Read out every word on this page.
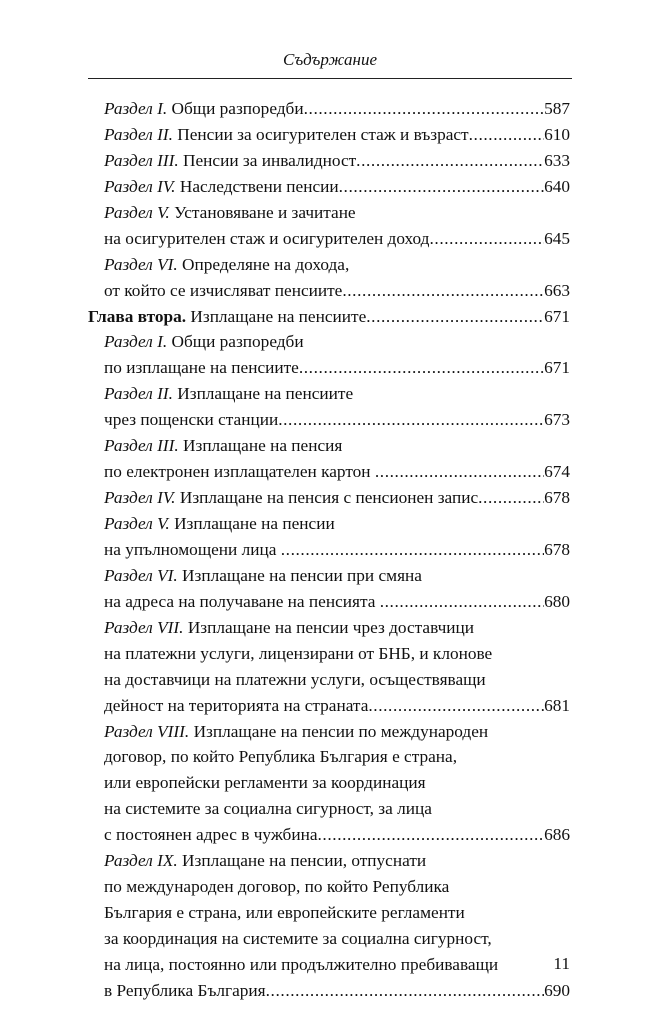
Съдържание
Раздел I. Общи разпоредби .....	587
Раздел II. Пенсии за осигурителен стаж и възраст .....	610
Раздел III. Пенсии за инвалидност .....	633
Раздел IV. Наследствени пенсии .....	640
Раздел V. Установяване и зачитане
на осигурителен стаж и осигурителен доход .....	645
Раздел VI. Определяне на дохода,
от който се изчисляват пенсиите .....	663
Глава втора. Изплащане на пенсиите .....	671
Раздел I. Общи разпоредби
по изплащане на пенсиите .....	671
Раздел II. Изплащане на пенсиите
чрез пощенски станции .....	673
Раздел III. Изплащане на пенсия
по електронен изплащателен картон .....	674
Раздел IV. Изплащане на пенсия с пенсионен запис .....	678
Раздел V. Изплащане на пенсии
на упълномощени лица .....	678
Раздел VI. Изплащане на пенсии при смяна
на адреса на получаване на пенсията .....	680
Раздел VII. Изплащане на пенсии чрез доставчици
на платежни услуги, лицензирани от БНБ, и клонове
на доставчици на платежни услуги, осъществяващи
дейност на територията на страната .....	681
Раздел VIII. Изплащане на пенсии по международен
договор, по който Република България е страна,
или европейски регламенти за координация
на системите за социална сигурност, за лица
с постоянен адрес в чужбина .....	686
Раздел IX. Изплащане на пенсии, отпуснати
по международен договор, по който Република
България е страна, или европейските регламенти
за координация на системите за социална сигурност,
на лица, постоянно или продължително пребиваващи
в Република България .....	690
11
